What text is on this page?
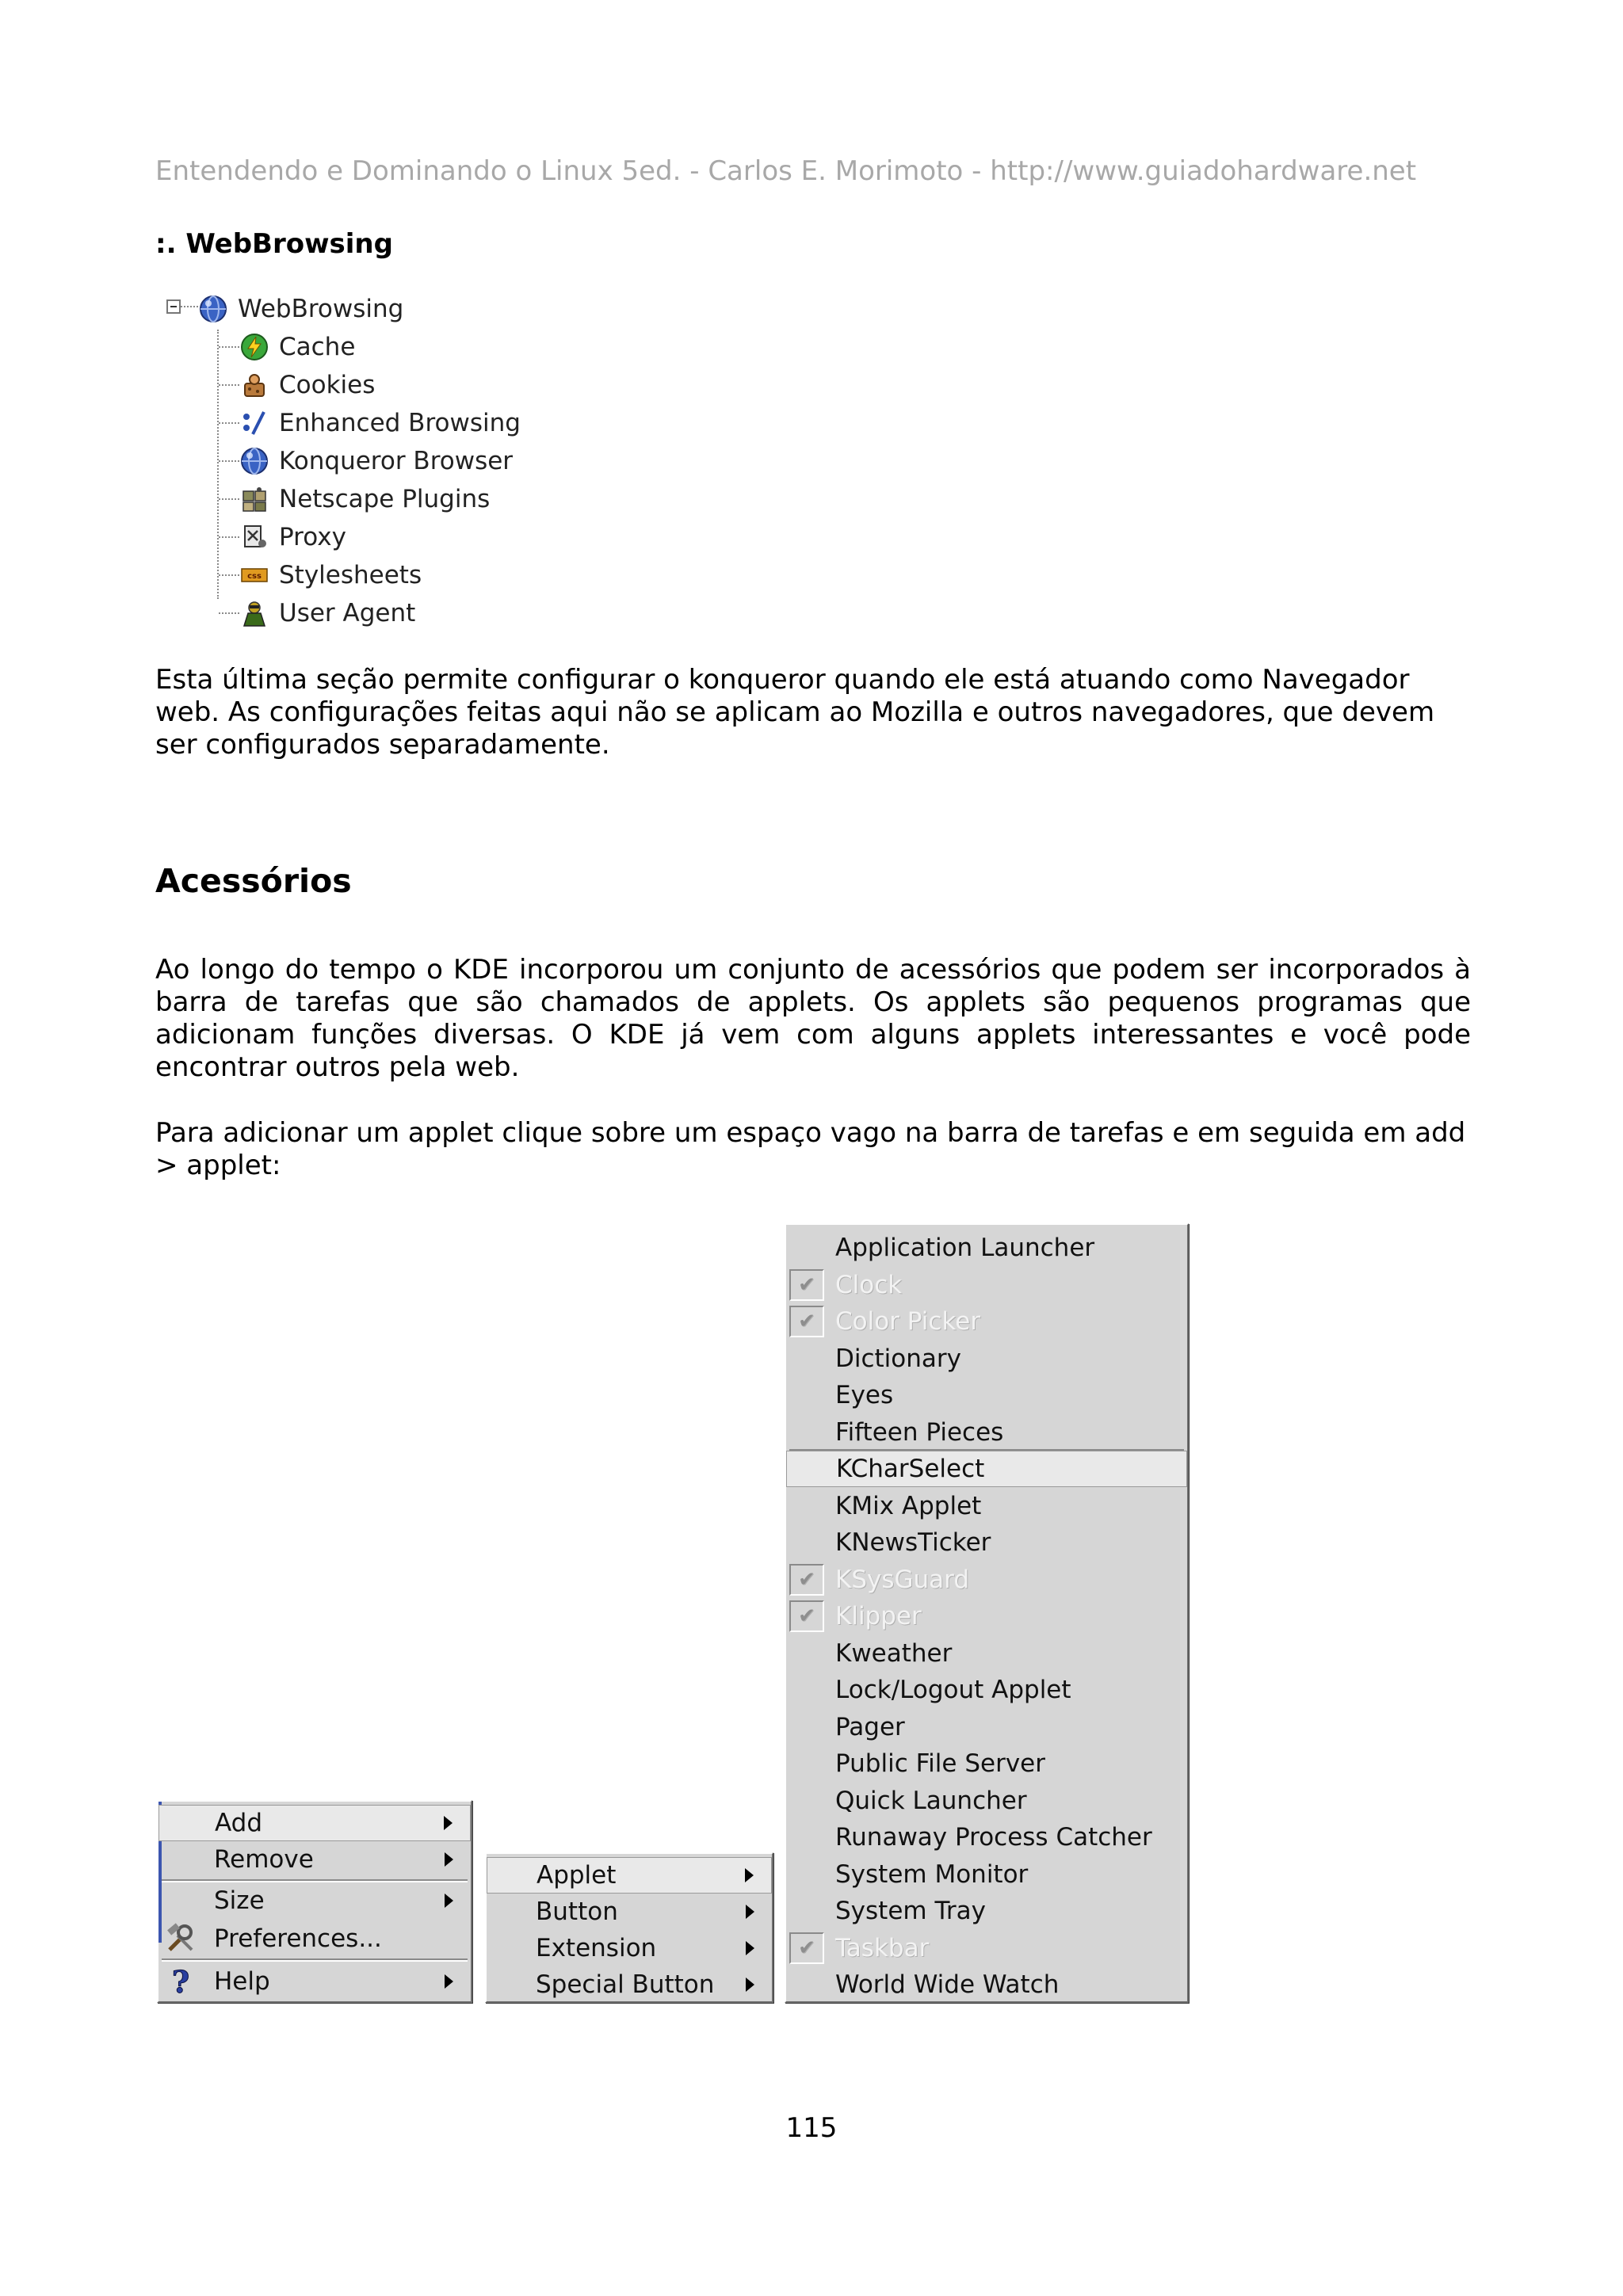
Entendendo e Dominando o Linux 5ed. - Carlos E. Morimoto - http://www.guiadohardware.net
:. WebBrowsing
WebBrowsing
Cache
Cookies
Enhanced Browsing
Konqueror Browser
Netscape Plugins
Proxy
css Stylesheets
User Agent

Esta última seção permite configurar o konqueror quando ele está atuando como Navegador web. As configurações feitas aqui não se aplicam ao Mozilla e outros navegadores, que devem ser configurados separadamente.

Acessórios

Ao longo do tempo o KDE incorporou um conjunto de acessórios que podem ser incorporados à barra de tarefas que são chamados de applets. Os applets são pequenos programas que adicionam funções diversas. O KDE já vem com alguns applets interessantes e você pode encontrar outros pela web.

Para adicionar um applet clique sobre um espaço vago na barra de tarefas e em seguida em add > applet:

Add
Remove
Size
Preferences...
? Help
Applet
Button
Extension
Special Button
Application Launcher
✔ Clock
✔ Color Picker
Dictionary
Eyes
Fifteen Pieces
KCharSelect
KMix Applet
KNewsTicker
✔ KSysGuard
✔ Klipper
Kweather
Lock/Logout Applet
Pager
Public File Server
Quick Launcher
Runaway Process Catcher
System Monitor
System Tray
✔ Taskbar
World Wide Watch
115
